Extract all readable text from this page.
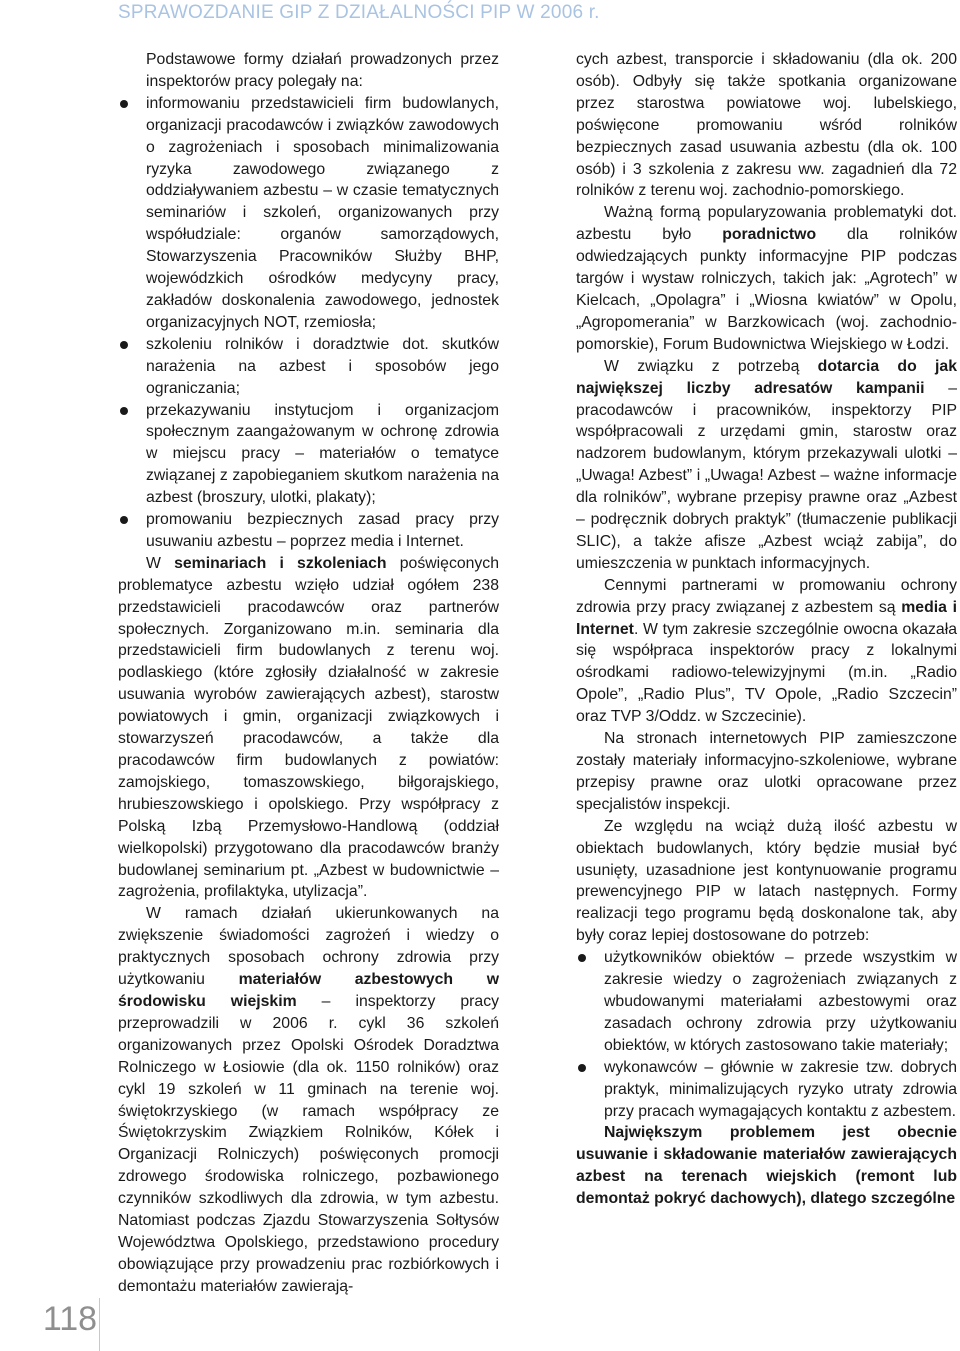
SPRAWOZDANIE GIP Z DZIAŁALNOŚCI PIP W 2006 r.
118

Podstawowe formy działań prowadzonych przez inspektorów pracy polegały na:

informowaniu przedstawicieli firm budowlanych, organizacji pracodawców i związków zawodowych o zagrożeniach i sposobach minimalizowania ryzyka zawodowego związanego z oddziaływaniem azbestu – w czasie tematycznych seminariów i szkoleń, organizowanych przy współudziale: organów samorządowych, Stowarzyszenia Pracowników Służby BHP, wojewódzkich ośrodków medycyny pracy, zakładów doskonalenia zawodowego, jednostek organizacyjnych NOT, rzemiosła;
szkoleniu rolników i doradztwie dot. skutków narażenia na azbest i sposobów jego ograniczania;
przekazywaniu instytucjom i organizacjom społecznym zaangażowanym w ochronę zdrowia w miejscu pracy – materiałów o tematyce związanej z zapobieganiem skutkom narażenia na azbest (broszury, ulotki, plakaty);
promowaniu bezpiecznych zasad pracy przy usuwaniu azbestu – poprzez media i Internet.

W seminariach i szkoleniach poświęconych problematyce azbestu wzięło udział ogółem 238 przedstawicieli pracodawców oraz partnerów społecznych. Zorganizowano m.in. seminaria dla przedstawicieli firm budowlanych z terenu woj. podlaskiego (które zgłosiły działalność w zakresie usuwania wyrobów zawierających azbest), starostw powiatowych i gmin, organizacji związkowych i stowarzyszeń pracodawców, a także dla pracodawców firm budowlanych z powiatów: zamojskiego, tomaszowskiego, biłgorajskiego, hrubieszowskiego i opolskiego. Przy współpracy z Polską Izbą Przemysłowo-Handlową (oddział wielkopolski) przygotowano dla pracodawców branży budowlanej seminarium pt. „Azbest w budownictwie – zagrożenia, profilaktyka, utylizacja”.

W ramach działań ukierunkowanych na zwiększenie świadomości zagrożeń i wiedzy o praktycznych sposobach ochrony zdrowia przy użytkowaniu materiałów azbestowych w środowisku wiejskim – inspektorzy pracy przeprowadzili w 2006 r. cykl 36 szkoleń organizowanych przez Opolski Ośrodek Doradztwa Rolniczego w Łosiowie (dla ok. 1150 rolników) oraz cykl 19 szkoleń w 11 gminach na terenie woj. świętokrzyskiego (w ramach współpracy ze Świętokrzyskim Związkiem Rolników, Kółek i Organizacji Rolniczych) poświęconych promocji zdrowego środowiska rolniczego, pozbawionego czynników szkodliwych dla zdrowia, w tym azbestu. Natomiast podczas Zjazdu Stowarzyszenia Sołtysów Województwa Opolskiego, przedstawiono procedury obowiązujące przy prowadzeniu prac rozbiórkowych i demontażu materiałów zawierają-

cych azbest, transporcie i składowaniu (dla ok. 200 osób). Odbyły się także spotkania organizowane przez starostwa powiatowe woj. lubelskiego, poświęcone promowaniu wśród rolników bezpiecznych zasad usuwania azbestu (dla ok. 100 osób) i 3 szkolenia z zakresu ww. zagadnień dla 72 rolników z terenu woj. zachodnio-pomorskiego.

Ważną formą popularyzowania problematyki dot. azbestu było poradnictwo dla rolników odwiedzających punkty informacyjne PIP podczas targów i wystaw rolniczych, takich jak: „Agrotech” w Kielcach, „Opolagra” i „Wiosna kwiatów” w Opolu, „Agropomerania” w Barzkowicach (woj. zachodnio-pomorskie), Forum Budownictwa Wiejskiego w Łodzi.

W związku z potrzebą dotarcia do jak największej liczby adresatów kampanii – pracodawców i pracowników, inspektorzy PIP współpracowali z urzędami gmin, starostw oraz nadzorem budowlanym, którym przekazywali ulotki – „Uwaga! Azbest” i „Uwaga! Azbest – ważne informacje dla rolników”, wybrane przepisy prawne oraz „Azbest – podręcznik dobrych praktyk” (tłumaczenie publikacji SLIC), a także afisze „Azbest wciąż zabija”, do umieszczenia w punktach informacyjnych.

Cennymi partnerami w promowaniu ochrony zdrowia przy pracy związanej z azbestem są media i Internet. W tym zakresie szczególnie owocna okazała się współpraca inspektorów pracy z lokalnymi ośrodkami radiowo-telewizyjnymi (m.in. „Radio Opole”, „Radio Plus”, TV Opole, „Radio Szczecin” oraz TVP 3/Oddz. w Szczecinie).

Na stronach internetowych PIP zamieszczone zostały materiały informacyjno-szkoleniowe, wybrane przepisy prawne oraz ulotki opracowane przez specjalistów inspekcji.

Ze względu na wciąż dużą ilość azbestu w obiektach budowlanych, który będzie musiał być usunięty, uzasadnione jest kontynuowanie programu prewencyjnego PIP w latach następnych. Formy realizacji tego programu będą doskonalone tak, aby były coraz lepiej dostosowane do potrzeb:

użytkowników obiektów – przede wszystkim w zakresie wiedzy o zagrożeniach związanych z wbudowanymi materiałami azbestowymi oraz zasadach ochrony zdrowia przy użytkowaniu obiektów, w których zastosowano takie materiały;
wykonawców – głównie w zakresie tzw. dobrych praktyk, minimalizujących ryzyko utraty zdrowia przy pracach wymagających kontaktu z azbestem.

Największym problemem jest obecnie usuwanie i składowanie materiałów zawierających azbest na terenach wiejskich (remont lub demontaż pokryć dachowych), dlatego szczególne
